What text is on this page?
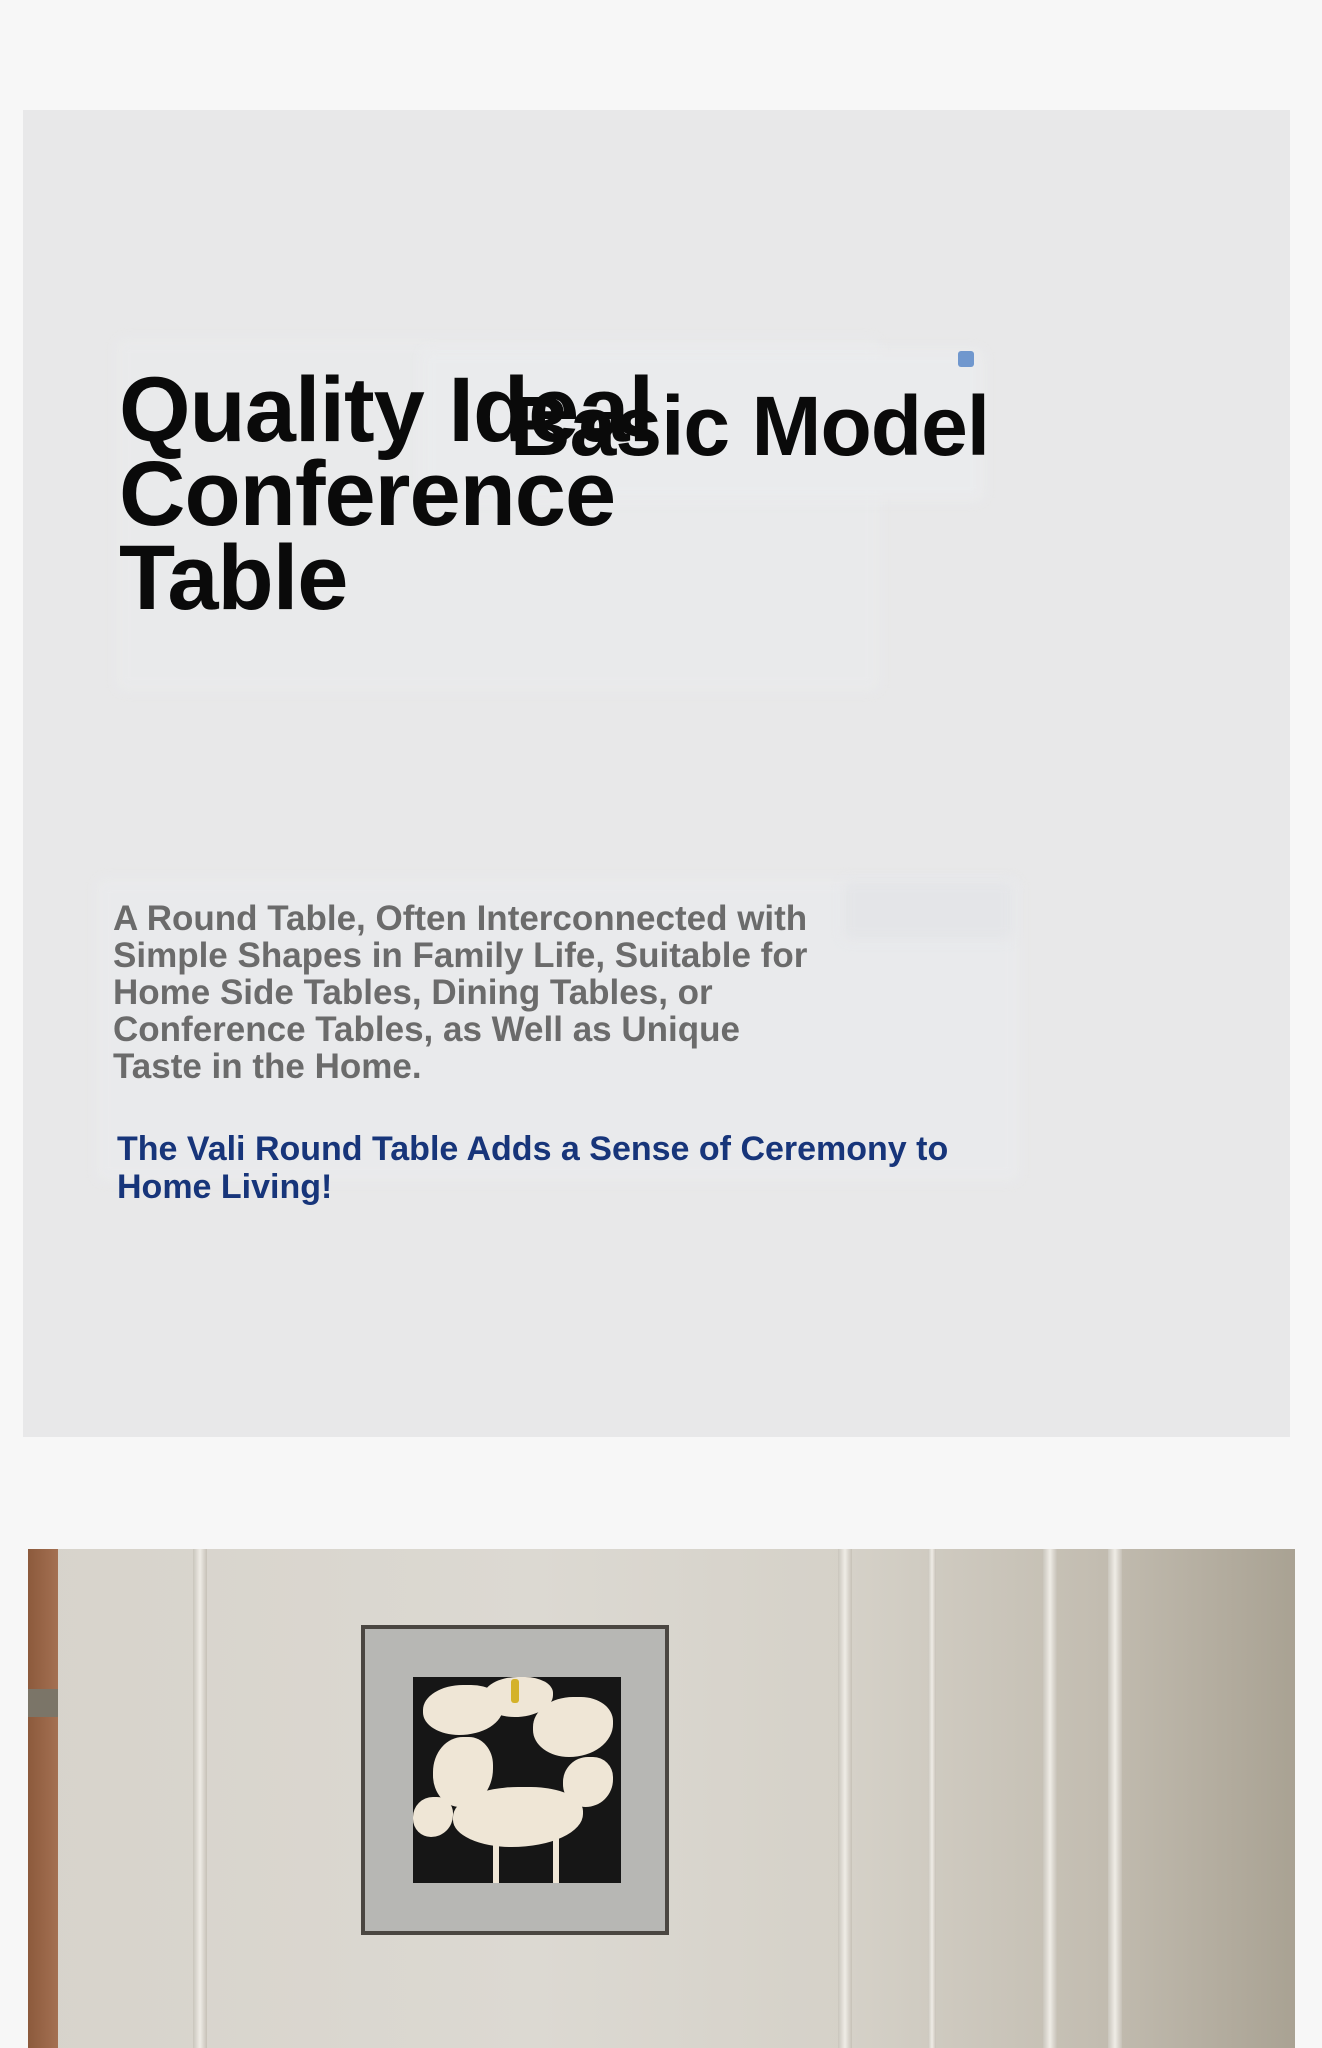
Quality Ideal Conference Table
Basic Model

A Round Table, Often Interconnected with Simple Shapes in Family Life, Suitable for Home Side Tables, Dining Tables, or Conference Tables, as Well as Unique Taste in the Home.

The Vali Round Table Adds a Sense of Ceremony to Home Living!
